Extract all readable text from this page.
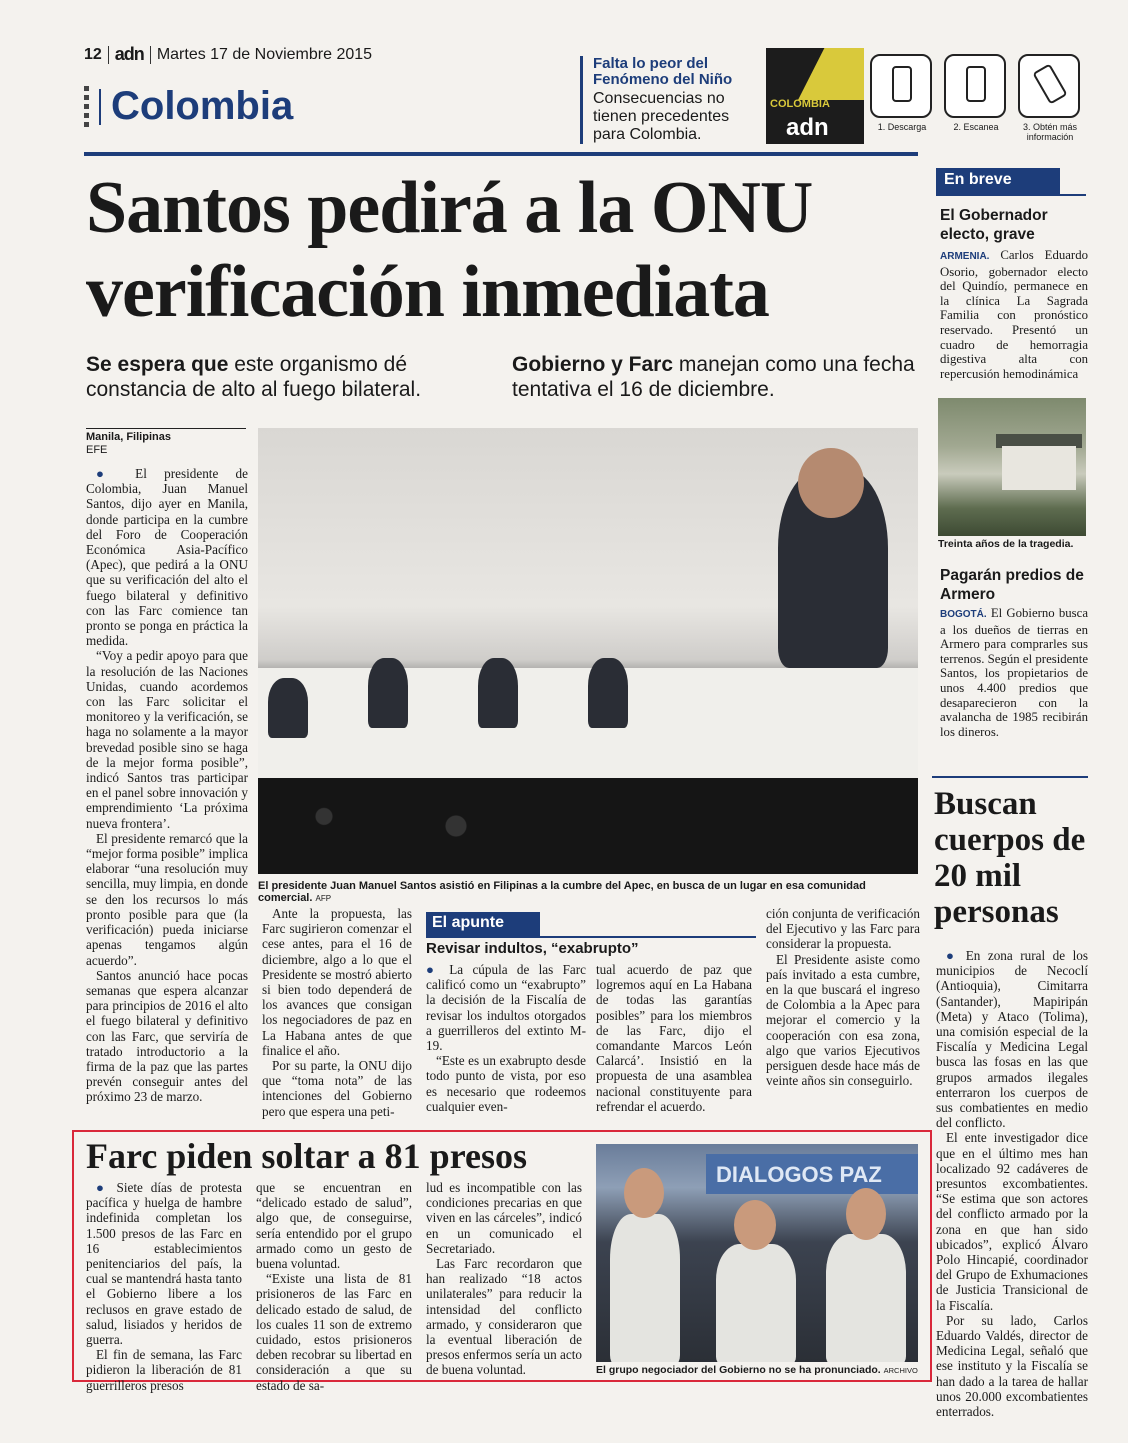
12 adn Martes 17 de Noviembre 2015
Colombia
Falta lo peor del Fenómeno del Niño
Consecuencias no tienen precedentes para Colombia.
COLOMBIA
adn	1. Descarga	2. Escanea	3. Obtén más información
Santos pedirá a la ONU verificación inmediata
Se espera que este organismo dé constancia de alto al fuego bilateral.
Gobierno y Farc manejan como una fecha tentativa el 16 de diciembre.
Manila, Filipinas
EFE

● El presidente de Colombia, Juan Manuel Santos, dijo ayer en Manila, donde participa en la cumbre del Foro de Cooperación Económica Asia-Pacífico (Apec), que pedirá a la ONU que su verificación del alto el fuego bilateral y definitivo con las Farc comience tan pronto se ponga en práctica la medida.

“Voy a pedir apoyo para que la resolución de las Naciones Unidas, cuando acordemos con las Farc solicitar el monitoreo y la verificación, se haga no solamente a la mayor brevedad posible sino se haga de la mejor forma posible”, indicó Santos tras participar en el panel sobre innovación y emprendimiento ‘La próxima nueva frontera’.

El presidente remarcó que la “mejor forma posible” implica elaborar “una resolución muy sencilla, muy limpia, en donde se den los recursos lo más pronto posible para que (la verificación) pueda iniciarse apenas tengamos algún acuerdo”.

Santos anunció hace pocas semanas que espera alcanzar para principios de 2016 el alto el fuego bilateral y definitivo con las Farc, que serviría de tratado introductorio a la firma de la paz que las partes prevén conseguir antes del próximo 23 de marzo.

El presidente Juan Manuel Santos asistió en Filipinas a la cumbre del Apec, en busca de un lugar en esa comunidad comercial. AFP

Ante la propuesta, las Farc sugirieron comenzar el cese antes, para el 16 de diciembre, algo a lo que el Presidente se mostró abierto si bien todo dependerá de los avances que consigan los negociadores de paz en La Habana antes de que finalice el año.

Por su parte, la ONU dijo que “toma nota” de las intenciones del Gobierno pero que espera una peti-

El apunte
Revisar indultos, “exabrupto”

● La cúpula de las Farc calificó como un “exabrupto” la decisión de la Fiscalía de revisar los indultos otorgados a guerrilleros del extinto M-19.

“Este es un exabrupto desde todo punto de vista, por eso es necesario que rodeemos cualquier even-

tual acuerdo de paz que logremos aquí en La Habana de todas las garantías posibles” para los miembros de las Farc, dijo el comandante Marcos León Calarcá’. Insistió en la propuesta de una asamblea nacional constituyente para refrendar el acuerdo.

ción conjunta de verificación del Ejecutivo y las Farc para considerar la propuesta.

El Presidente asiste como país invitado a esta cumbre, en la que buscará el ingreso de Colombia a la Apec para mejorar el comercio y la cooperación con esa zona, algo que varios Ejecutivos persiguen desde hace más de veinte años sin conseguirlo.

En breve
El Gobernador electo, grave
ARMENIA. Carlos Eduardo Osorio, gobernador electo del Quindío, permanece en la clínica La Sagrada Familia con pronóstico reservado. Presentó un cuadro de hemorragia digestiva alta con repercusión hemodinámica
Treinta años de la tragedia.
Pagarán predios de Armero
BOGOTÁ. El Gobierno busca a los dueños de tierras en Armero para comprarles sus terrenos. Según el presidente Santos, los propietarios de unos 4.400 predios que desaparecieron con la avalancha de 1985 recibirán los dineros.
Buscan cuerpos de 20 mil personas

● En zona rural de los municipios de Necoclí (Antioquia), Cimitarra (Santander), Mapiripán (Meta) y Ataco (Tolima), una comisión especial de la Fiscalía y Medicina Legal busca las fosas en las que grupos armados ilegales enterraron los cuerpos de sus combatientes en medio del conflicto.

El ente investigador dice que en el último mes han localizado 92 cadáveres de presuntos excombatientes. “Se estima que son actores del conflicto armado por la zona en que han sido ubicados”, explicó Álvaro Polo Hincapié, coordinador del Grupo de Exhumaciones de Justicia Transicional de la Fiscalía.

Por su lado, Carlos Eduardo Valdés, director de Medicina Legal, señaló que ese instituto y la Fiscalía se han dado a la tarea de hallar unos 20.000 excombatientes enterrados.

Farc piden soltar a 81 presos

● Siete días de protesta pacífica y huelga de hambre indefinida completan los 1.500 presos de las Farc en 16 establecimientos penitenciarios del país, la cual se mantendrá hasta tanto el Gobierno libere a los reclusos en grave estado de salud, lisiados y heridos de guerra.

El fin de semana, las Farc pidieron la liberación de 81 guerrilleros presos

que se encuentran en “delicado estado de salud”, algo que, de conseguirse, sería entendido por el grupo armado como un gesto de buena voluntad.

“Existe una lista de 81 prisioneros de las Farc en delicado estado de salud, de los cuales 11 son de extremo cuidado, estos prisioneros deben recobrar su libertad en consideración a que su estado de sa-

lud es incompatible con las condiciones precarias en que viven en las cárceles”, indicó en un comunicado el Secretariado.

Las Farc recordaron que han realizado “18 actos unilaterales” para reducir la intensidad del conflicto armado, y consideraron que la eventual liberación de presos enfermos sería un acto de buena voluntad.

DIALOGOS PAZ
El grupo negociador del Gobierno no se ha pronunciado. ARCHIVO
